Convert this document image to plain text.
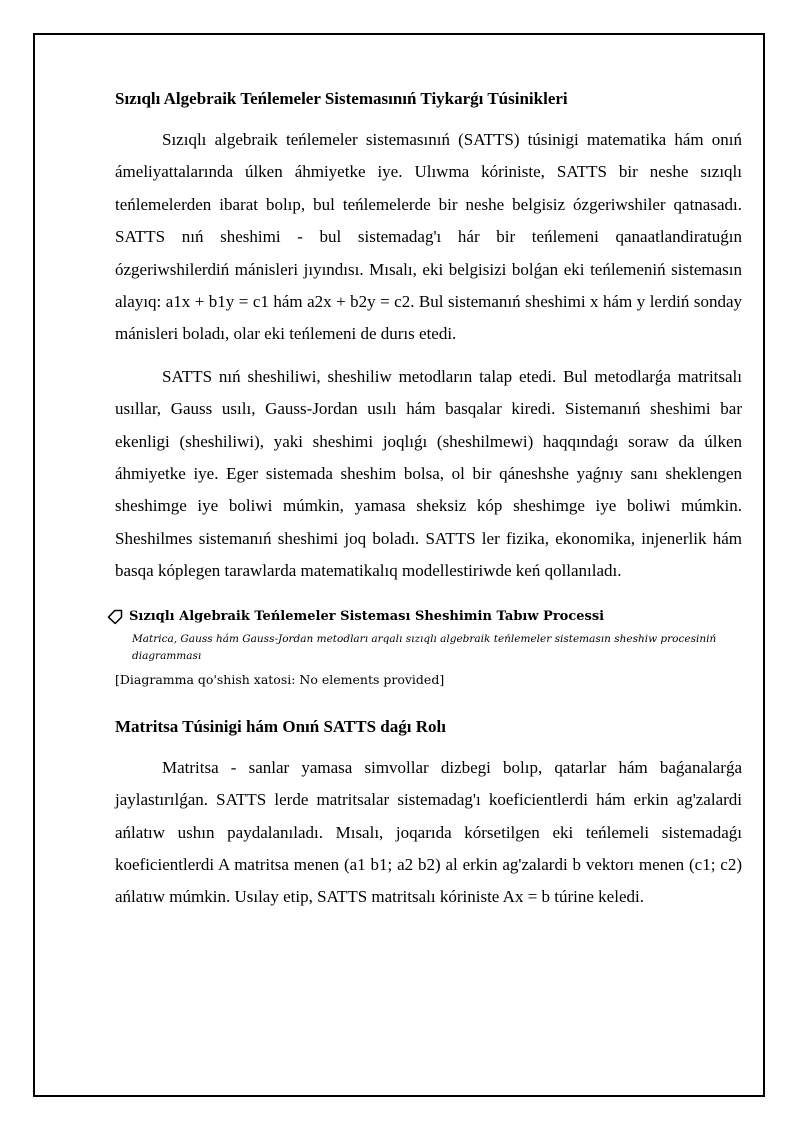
Sızıqlı Algebraik Teńlemeler Sistemasınıń Tiykarǵı Túsinikleri

Sızıqlı algebraik teńlemeler sistemasınıń (SATTS) túsinigi matematika hám onıń ámeliyattalarında úlken áhmiyetke iye. Ulıwma kóriniste, SATTS bir neshe sızıqlı teńlemelerden ibarat bolıp, bul teńlemelerde bir neshe belgisiz ózgeriwshiler qatnasadı. SATTS nıń sheshimi - bul sistemadag'ı hár bir teńlemeni qanaatlandiratuǵın ózgeriwshilerdiń mánisleri jıyındısı. Mısalı, eki belgisizi bolǵan eki teńlemeniń sistemasın alayıq: a1x + b1y = c1 hám a2x + b2y = c2. Bul sistemanıń sheshimi x hám y lerdiń sonday mánisleri boladı, olar eki teńlemeni de durıs etedi.

SATTS nıń sheshiliwi, sheshiliw metodların talap etedi. Bul metodlarǵa matritsalı usıllar, Gauss usılı, Gauss-Jordan usılı hám basqalar kiredi. Sistemanıń sheshimi bar ekenligi (sheshiliwi), yaki sheshimi joqlıǵı (sheshilmewi) haqqındaǵı soraw da úlken áhmiyetke iye. Eger sistemada sheshim bolsa, ol bir qáneshshe yaǵnıy sanı sheklengen sheshimge iye boliwi múmkin, yamasa sheksiz kóp sheshimge iye boliwi múmkin. Sheshilmes sistemanıń sheshimi joq boladı. SATTS ler fizika, ekonomika, injenerlik hám basqa kóplegen tarawlarda matematikalıq modellestiriwde keń qollanıladı.

Sızıqlı Algebraik Teńlemeler Sisteması Sheshimin Tabıw Processi
Matrica, Gauss hám Gauss-Jordan metodları arqalı sızıqlı algebraik teńlemeler sistemasın sheshiw procesiniń diagramması
[Diagramma qo'shish xatosi: No elements provided]
Matritsa Túsinigi hám Onıń SATTS daǵı Rolı

Matritsa - sanlar yamasa simvollar dizbegi bolıp, qatarlar hám baǵanalarǵa jaylastırılǵan. SATTS lerde matritsalar sistemadag'ı koeficientlerdi hám erkin ag'zalardi ańlatıw ushın paydalanıladı. Mısalı, joqarıda kórsetilgen eki teńlemeli sistemadaǵı koeficientlerdi A matritsa menen (a1 b1; a2 b2) al erkin ag'zalardi b vektorı menen (c1; c2) ańlatıw múmkin. Usılay etip, SATTS matritsalı kóriniste Ax = b túrine keledi.
